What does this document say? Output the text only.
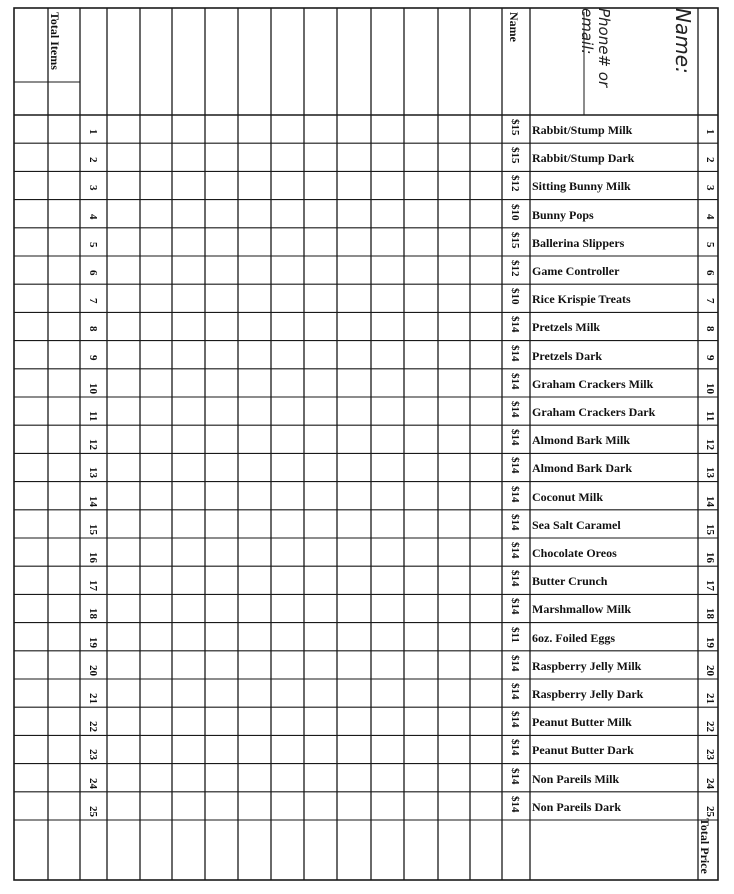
Name:
Phone# or email:
Name
Total Items
Total Price
1	$15 Rabbit/Stump Milk	1
2	$15 Rabbit/Stump Dark	2
3	$12 Sitting Bunny Milk	3
4	$10 Bunny Pops	4
5	$15 Ballerina Slippers	5
6	$12 Game Controller	6
7	$10 Rice Krispie Treats	7
8	$14 Pretzels Milk	8
9	$14 Pretzels Dark	9
10	$14 Graham Crackers Milk	10
11	$14 Graham Crackers Dark	11
12	$14 Almond Bark Milk	12
13	$14 Almond Bark Dark	13
14	$14 Coconut Milk	14
15	$14 Sea Salt Caramel	15
16	$14 Chocolate Oreos	16
17	$14 Butter Crunch	17
18	$14 Marshmallow Milk	18
19	$11 6oz. Foiled Eggs	19
20	$14 Raspberry Jelly Milk	20
21	$14 Raspberry Jelly Dark	21
22	$14 Peanut Butter Milk	22
23	$14 Peanut Butter Dark	23
24	$14 Non Pareils Milk	24
25	$14 Non Pareils Dark	25
